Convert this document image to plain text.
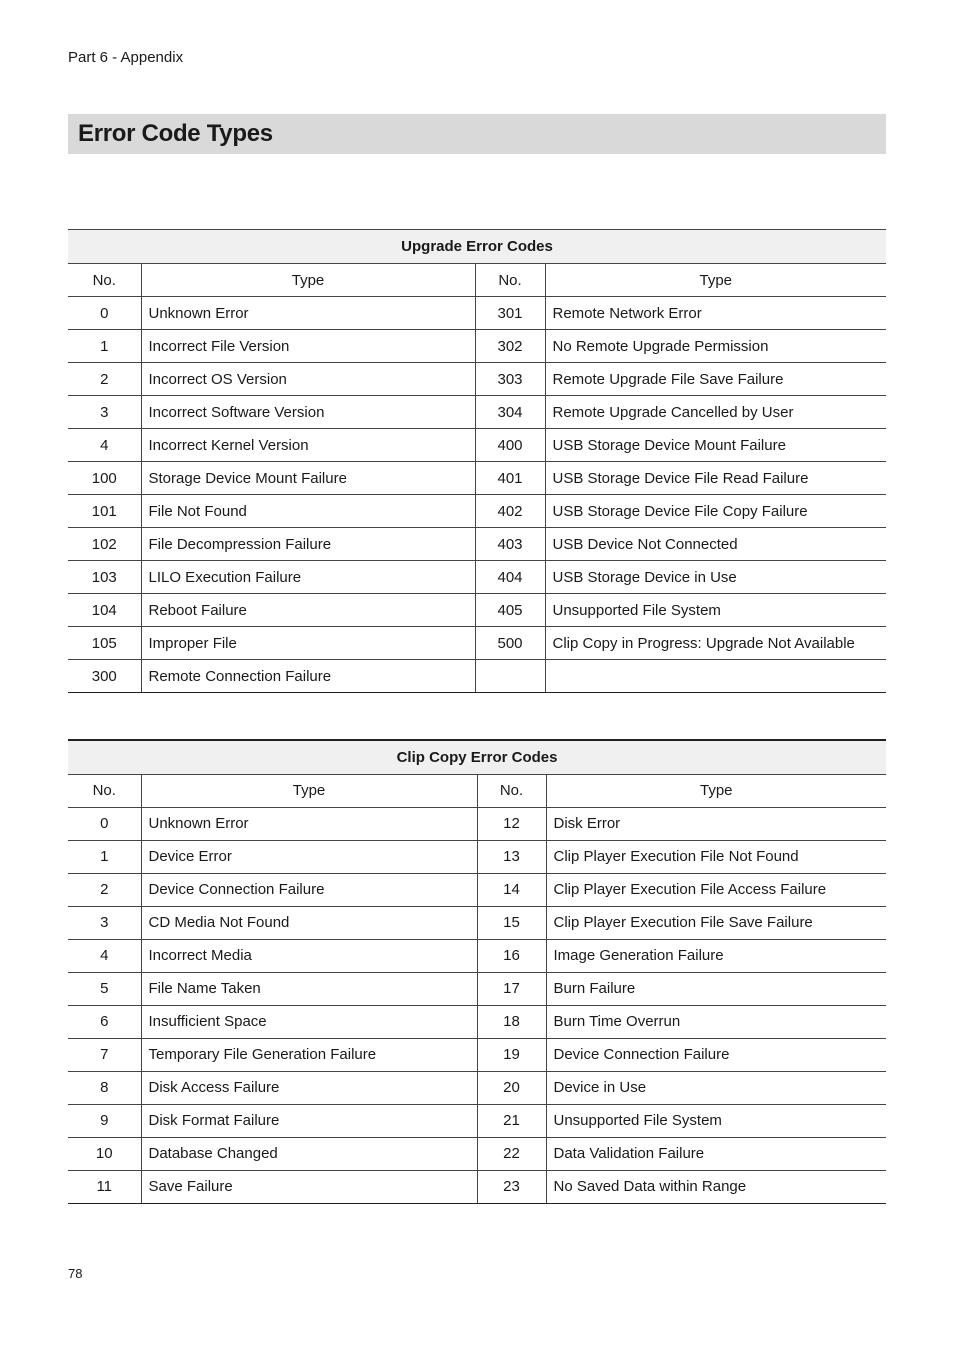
Part 6 - Appendix
Error Code Types
Upgrade Error Codes			
No.	Type	No.	Type
0	Unknown Error	301	Remote Network Error
1	Incorrect File Version	302	No Remote Upgrade Permission
2	Incorrect OS Version	303	Remote Upgrade File Save Failure
3	Incorrect Software Version	304	Remote Upgrade Cancelled by User
4	Incorrect Kernel Version	400	USB Storage Device Mount Failure
100	Storage Device Mount Failure	401	USB Storage Device File Read Failure
101	File Not Found	402	USB Storage Device File Copy Failure
102	File Decompression Failure	403	USB Device Not Connected
103	LILO Execution Failure	404	USB Storage Device in Use
104	Reboot Failure	405	Unsupported File System
105	Improper File	500	Clip Copy in Progress: Upgrade Not Available
300	Remote Connection Failure		
Clip Copy Error Codes			
No.	Type	No.	Type
0	Unknown Error	12	Disk Error
1	Device Error	13	Clip Player Execution File Not Found
2	Device Connection Failure	14	Clip Player Execution File Access Failure
3	CD Media Not Found	15	Clip Player Execution File Save Failure
4	Incorrect Media	16	Image Generation Failure
5	File Name Taken	17	Burn Failure
6	Insufficient Space	18	Burn Time Overrun
7	Temporary File Generation Failure	19	Device Connection Failure
8	Disk Access Failure	20	Device in Use
9	Disk Format Failure	21	Unsupported File System
10	Database Changed	22	Data Validation Failure
11	Save Failure	23	No Saved Data within Range
78
